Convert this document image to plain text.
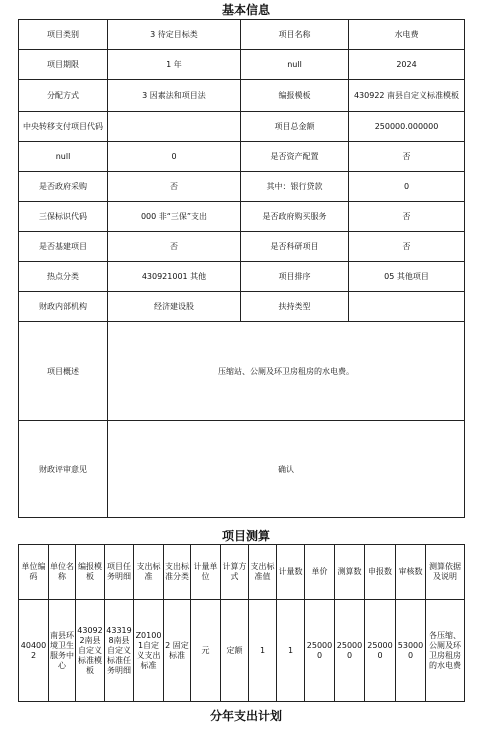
基本信息
项目类别	3 待定目标类	项目名称	水电费
项目期限	1 年	null	2024
分配方式	3 因素法和项目法	编报模板	430922 南县自定义标准模板
中央转移支付项目代码		项目总金额	250000.000000
null	0	是否资产配置	否
是否政府采购	否	其中：银行贷款	0
三保标识代码	000 非“三保”支出	是否政府购买服务	否
是否基建项目	否	是否科研项目	否
热点分类	430921001 其他	项目排序	05 其他项目
财政内部机构	经济建设股	扶持类型	
项目概述	压缩站、公厕及环卫房租房的水电费。		
财政评审意见	确认		
项目测算
单位编码	单位名称	编报模板	项目任务明细	支出标准	支出标准分类	计量单位	计算方式	支出标准值	计量数	单价	测算数	申报数	审核数	测算依据及说明
404002	南县环境卫生服务中心	430922南县自定义标准模板	433198南县自定义标准任务明细	Z01001自定义支出标准	2 固定标准	元	定额	1	1	250000	250000	250000	530000	各压缩、公厕及环卫房租房的水电费
分年支出计划
